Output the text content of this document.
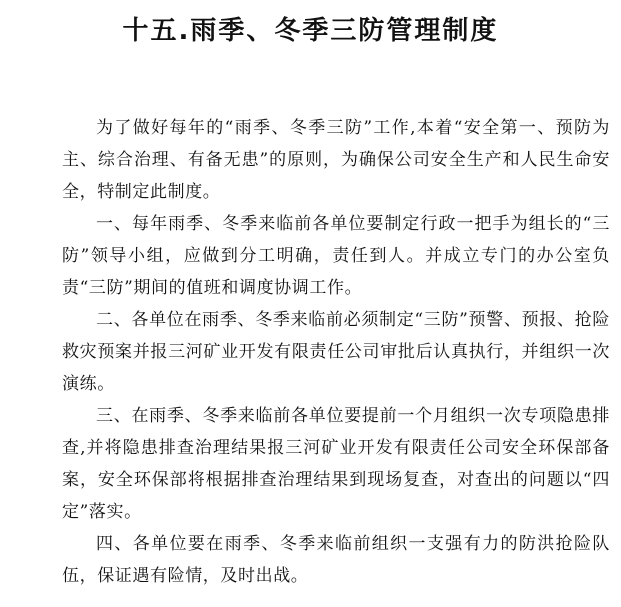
十五.雨季、冬季三防管理制度

为了做好每年的“雨季、冬季三防”工作,本着“安全第一、预防为主、综合治理、有备无患”的原则，为确保公司安全生产和人民生命安全，特制定此制度。

一、每年雨季、冬季来临前各单位要制定行政一把手为组长的“三防”领导小组，应做到分工明确，责任到人。并成立专门的办公室负责“三防”期间的值班和调度协调工作。

二、各单位在雨季、冬季来临前必须制定“三防”预警、预报、抢险救灾预案并报三河矿业开发有限责任公司审批后认真执行，并组织一次演练。

三、在雨季、冬季来临前各单位要提前一个月组织一次专项隐患排查,并将隐患排查治理结果报三河矿业开发有限责任公司安全环保部备案，安全环保部将根据排查治理结果到现场复查，对查出的问题以“四定”落实。

四、各单位要在雨季、冬季来临前组织一支强有力的防洪抢险队伍，保证遇有险情，及时出战。
